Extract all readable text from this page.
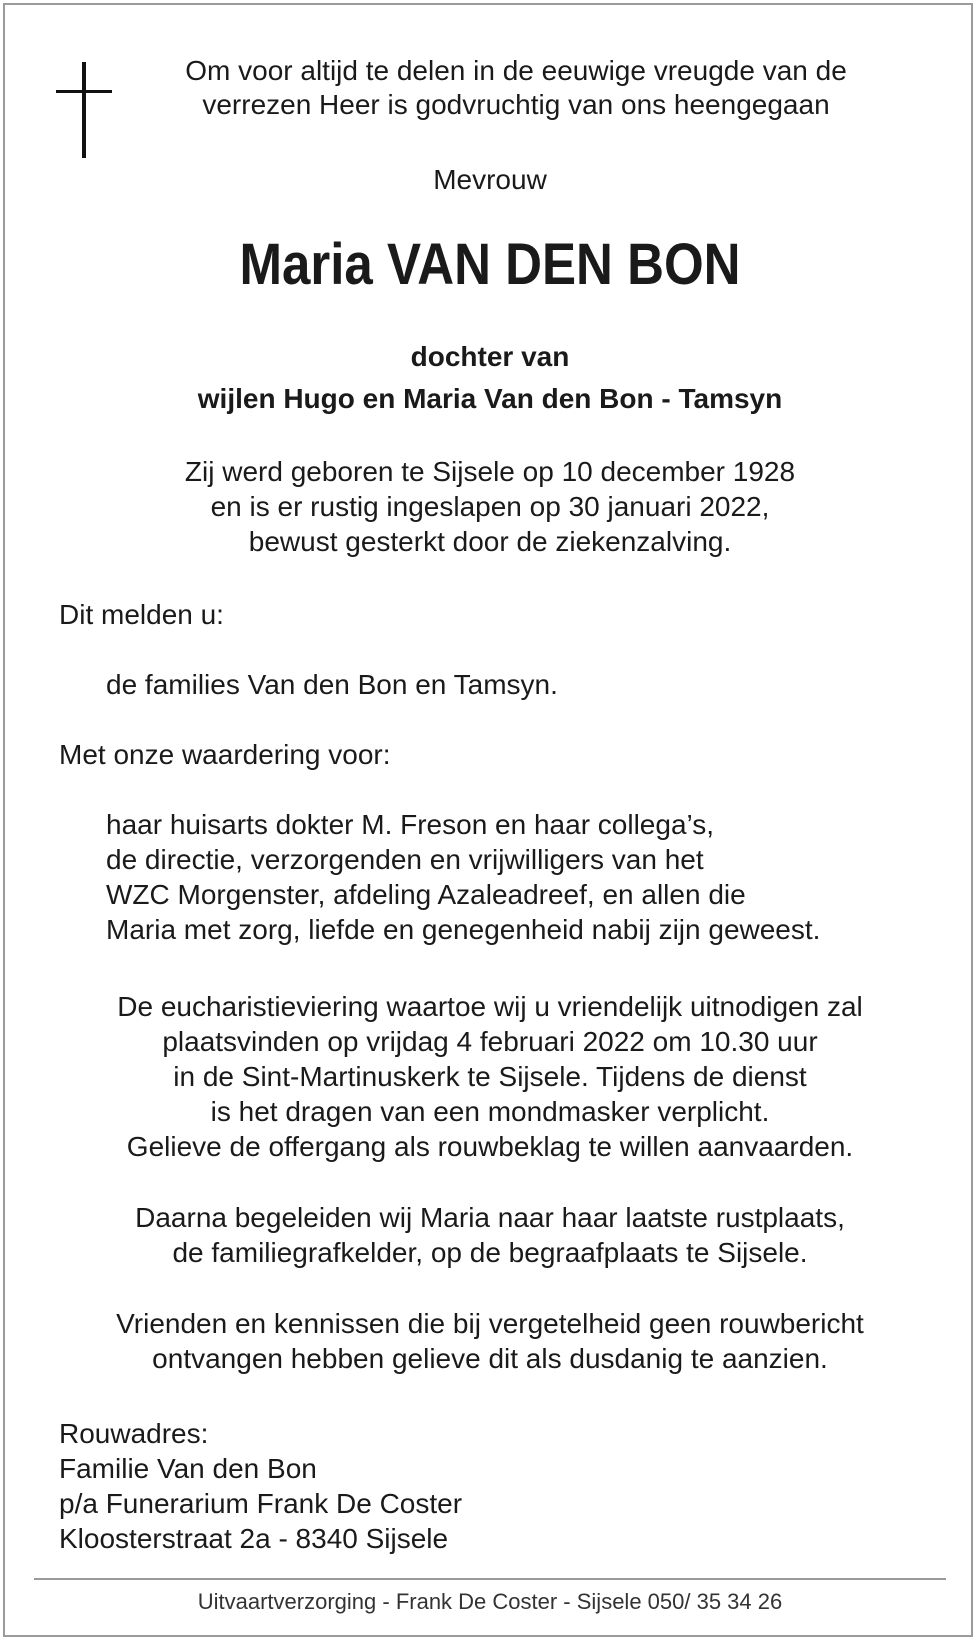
Om voor altijd te delen in de eeuwige vreugde van de
verrezen Heer is godvruchtig van ons heengegaan
Mevrouw
Maria VAN DEN BON
dochter van
wijlen Hugo en Maria Van den Bon - Tamsyn
Zij werd geboren te Sijsele op 10 december 1928
en is er rustig ingeslapen op 30 januari 2022,
bewust gesterkt door de ziekenzalving.
Dit melden u:
de families Van den Bon en Tamsyn.
Met onze waardering voor:
haar huisarts dokter M. Freson en haar collega’s,
de directie, verzorgenden en vrijwilligers van het
WZC Morgenster, afdeling Azaleadreef, en allen die
Maria met zorg, liefde en genegenheid nabij zijn geweest.
De eucharistieviering waartoe wij u vriendelijk uitnodigen zal
plaatsvinden op vrijdag 4 februari 2022 om 10.30 uur
in de Sint-Martinuskerk te Sijsele. Tijdens de dienst
is het dragen van een mondmasker verplicht.
Gelieve de offergang als rouwbeklag te willen aanvaarden.
Daarna begeleiden wij Maria naar haar laatste rustplaats,
de familiegrafkelder, op de begraafplaats te Sijsele.
Vrienden en kennissen die bij vergetelheid geen rouwbericht
ontvangen hebben gelieve dit als dusdanig te aanzien.
Rouwadres:
Familie Van den Bon
p/a Funerarium Frank De Coster
Kloosterstraat 2a - 8340 Sijsele
Uitvaartverzorging - Frank De Coster - Sijsele 050/ 35 34 26
